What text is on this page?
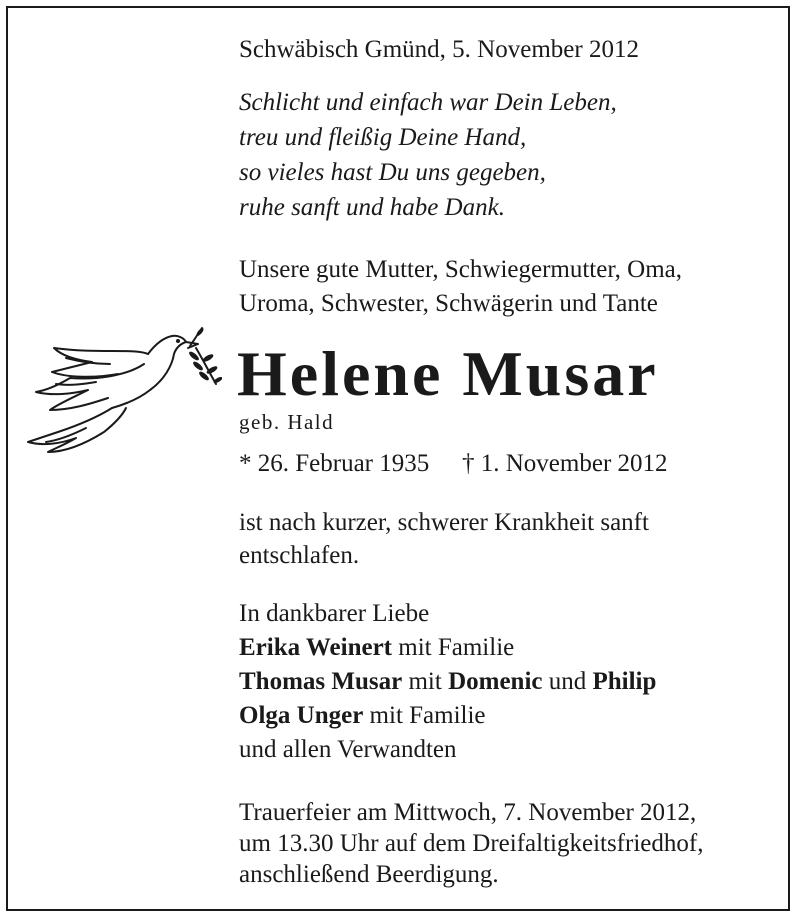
Schwäbisch Gmünd, 5. November 2012
Schlicht und einfach war Dein Leben,
treu und fleißig Deine Hand,
so vieles hast Du uns gegeben,
ruhe sanft und habe Dank.
Unsere gute Mutter, Schwiegermutter, Oma,
Uroma, Schwester, Schwägerin und Tante
Helene Musar
geb. Hald
* 26. Februar 1935 † 1. November 2012
ist nach kurzer, schwerer Krankheit sanft
entschlafen.
In dankbarer Liebe
Erika Weinert mit Familie
Thomas Musar mit Domenic und Philip
Olga Unger mit Familie
und allen Verwandten
Trauerfeier am Mittwoch, 7. November 2012,
um 13.30 Uhr auf dem Dreifaltigkeitsfriedhof,
anschließend Beerdigung.
